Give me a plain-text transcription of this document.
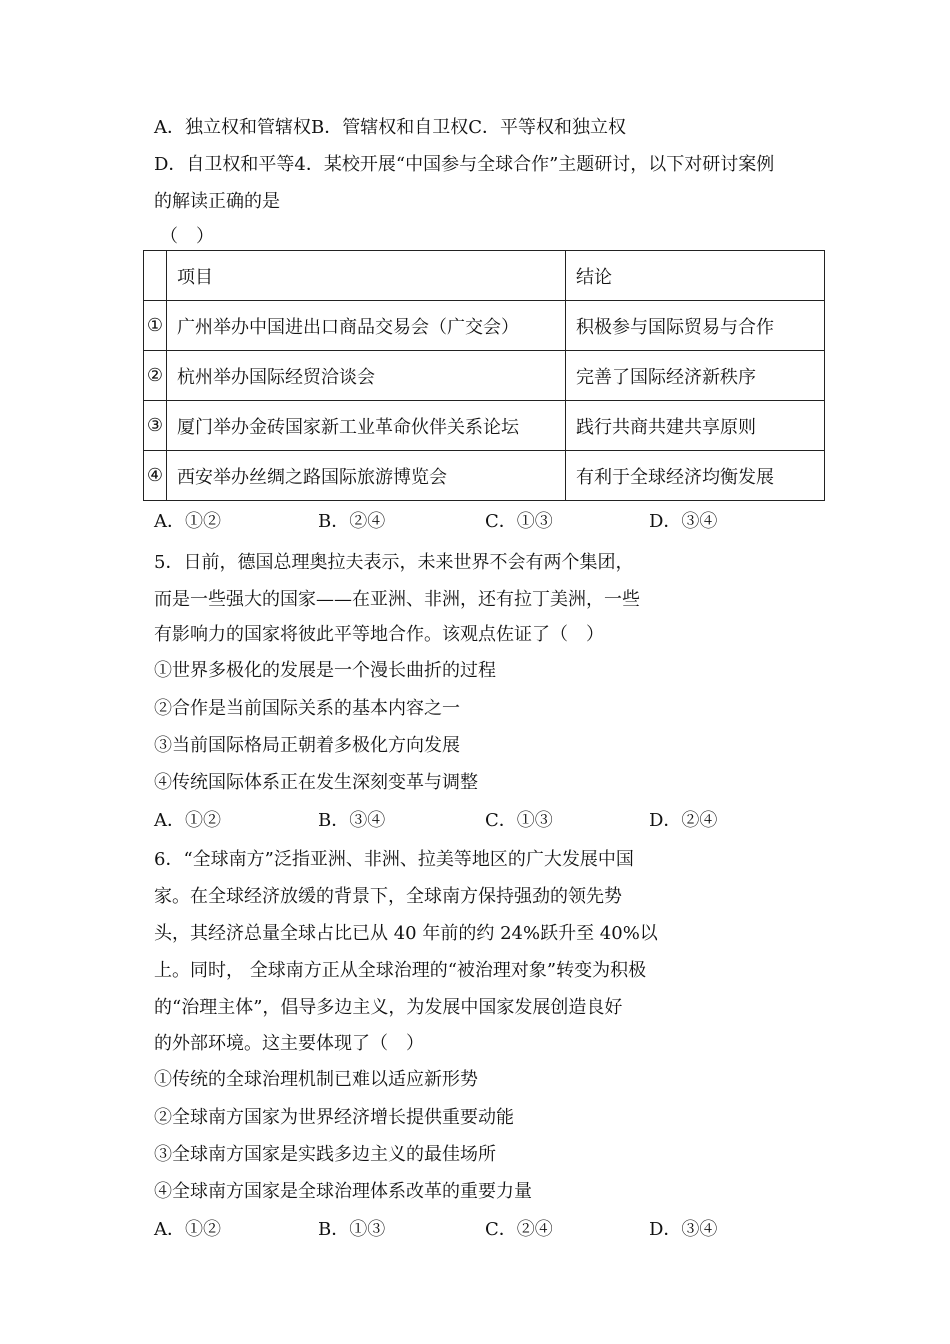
A．独立权和管辖权B．管辖权和自卫权C．平等权和独立权
D．自卫权和平等4．某校开展“中国参与全球合作”主题研讨，以下对研讨案例
的解读正确的是
（　）
	项目	结论
①	广州举办中国进出口商品交易会（广交会）	积极参与国际贸易与合作
②	杭州举办国际经贸洽谈会	完善了国际经济新秩序
③	厦门举办金砖国家新工业革命伙伴关系论坛	践行共商共建共享原则
④	西安举办丝绸之路国际旅游博览会	有利于全球经济均衡发展
A．①②	B．②④	C．①③	D．③④
5．日前，德国总理奥拉夫表示，未来世界不会有两个集团，
而是一些强大的国家——在亚洲、非洲，还有拉丁美洲，一些
有影响力的国家将彼此平等地合作。该观点佐证了（　）
①世界多极化的发展是一个漫长曲折的过程
②合作是当前国际关系的基本内容之一
③当前国际格局正朝着多极化方向发展
④传统国际体系正在发生深刻变革与调整
A．①②	B．③④	C．①③	D．②④
6．“全球南方”泛指亚洲、非洲、拉美等地区的广大发展中国
家。在全球经济放缓的背景下，全球南方保持强劲的领先势
头，其经济总量全球占比已从 40 年前的约 24%跃升至 40%以
上。同时， 全球南方正从全球治理的“被治理对象”转变为积极
的“治理主体”，倡导多边主义，为发展中国家发展创造良好
的外部环境。这主要体现了（　）
①传统的全球治理机制已难以适应新形势
②全球南方国家为世界经济增长提供重要动能
③全球南方国家是实践多边主义的最佳场所
④全球南方国家是全球治理体系改革的重要力量
A．①②	B．①③	C．②④	D．③④
